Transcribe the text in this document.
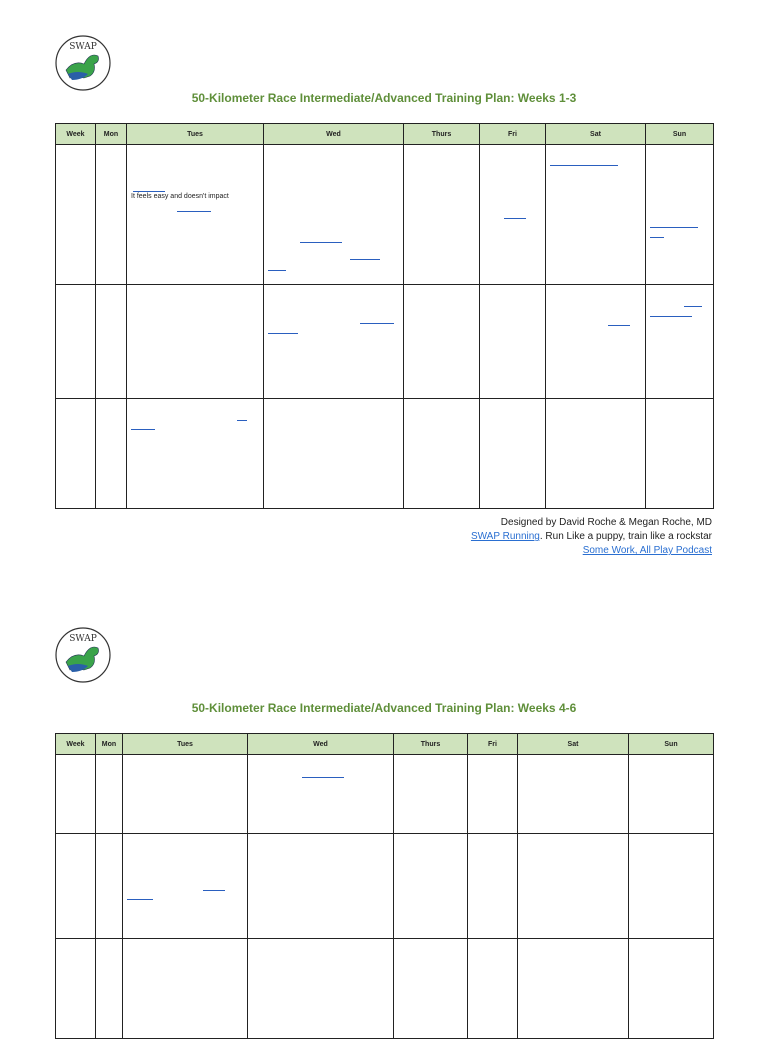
SWAP
50-Kilometer Race Intermediate/Advanced Training Plan: Weeks 1-3
Week	Mon	Tues	Wed	Thurs	Fri	Sat	Sun

		It feels easy and doesn't impact					

Designed by David Roche & Megan Roche, MD
SWAP Running. Run Like a puppy, train like a rockstar
Some Work, All Play Podcast
SWAP
50-Kilometer Race Intermediate/Advanced Training Plan: Weeks 4-6
Week	Mon	Tues	Wed	Thurs	Fri	Sat	Sun
